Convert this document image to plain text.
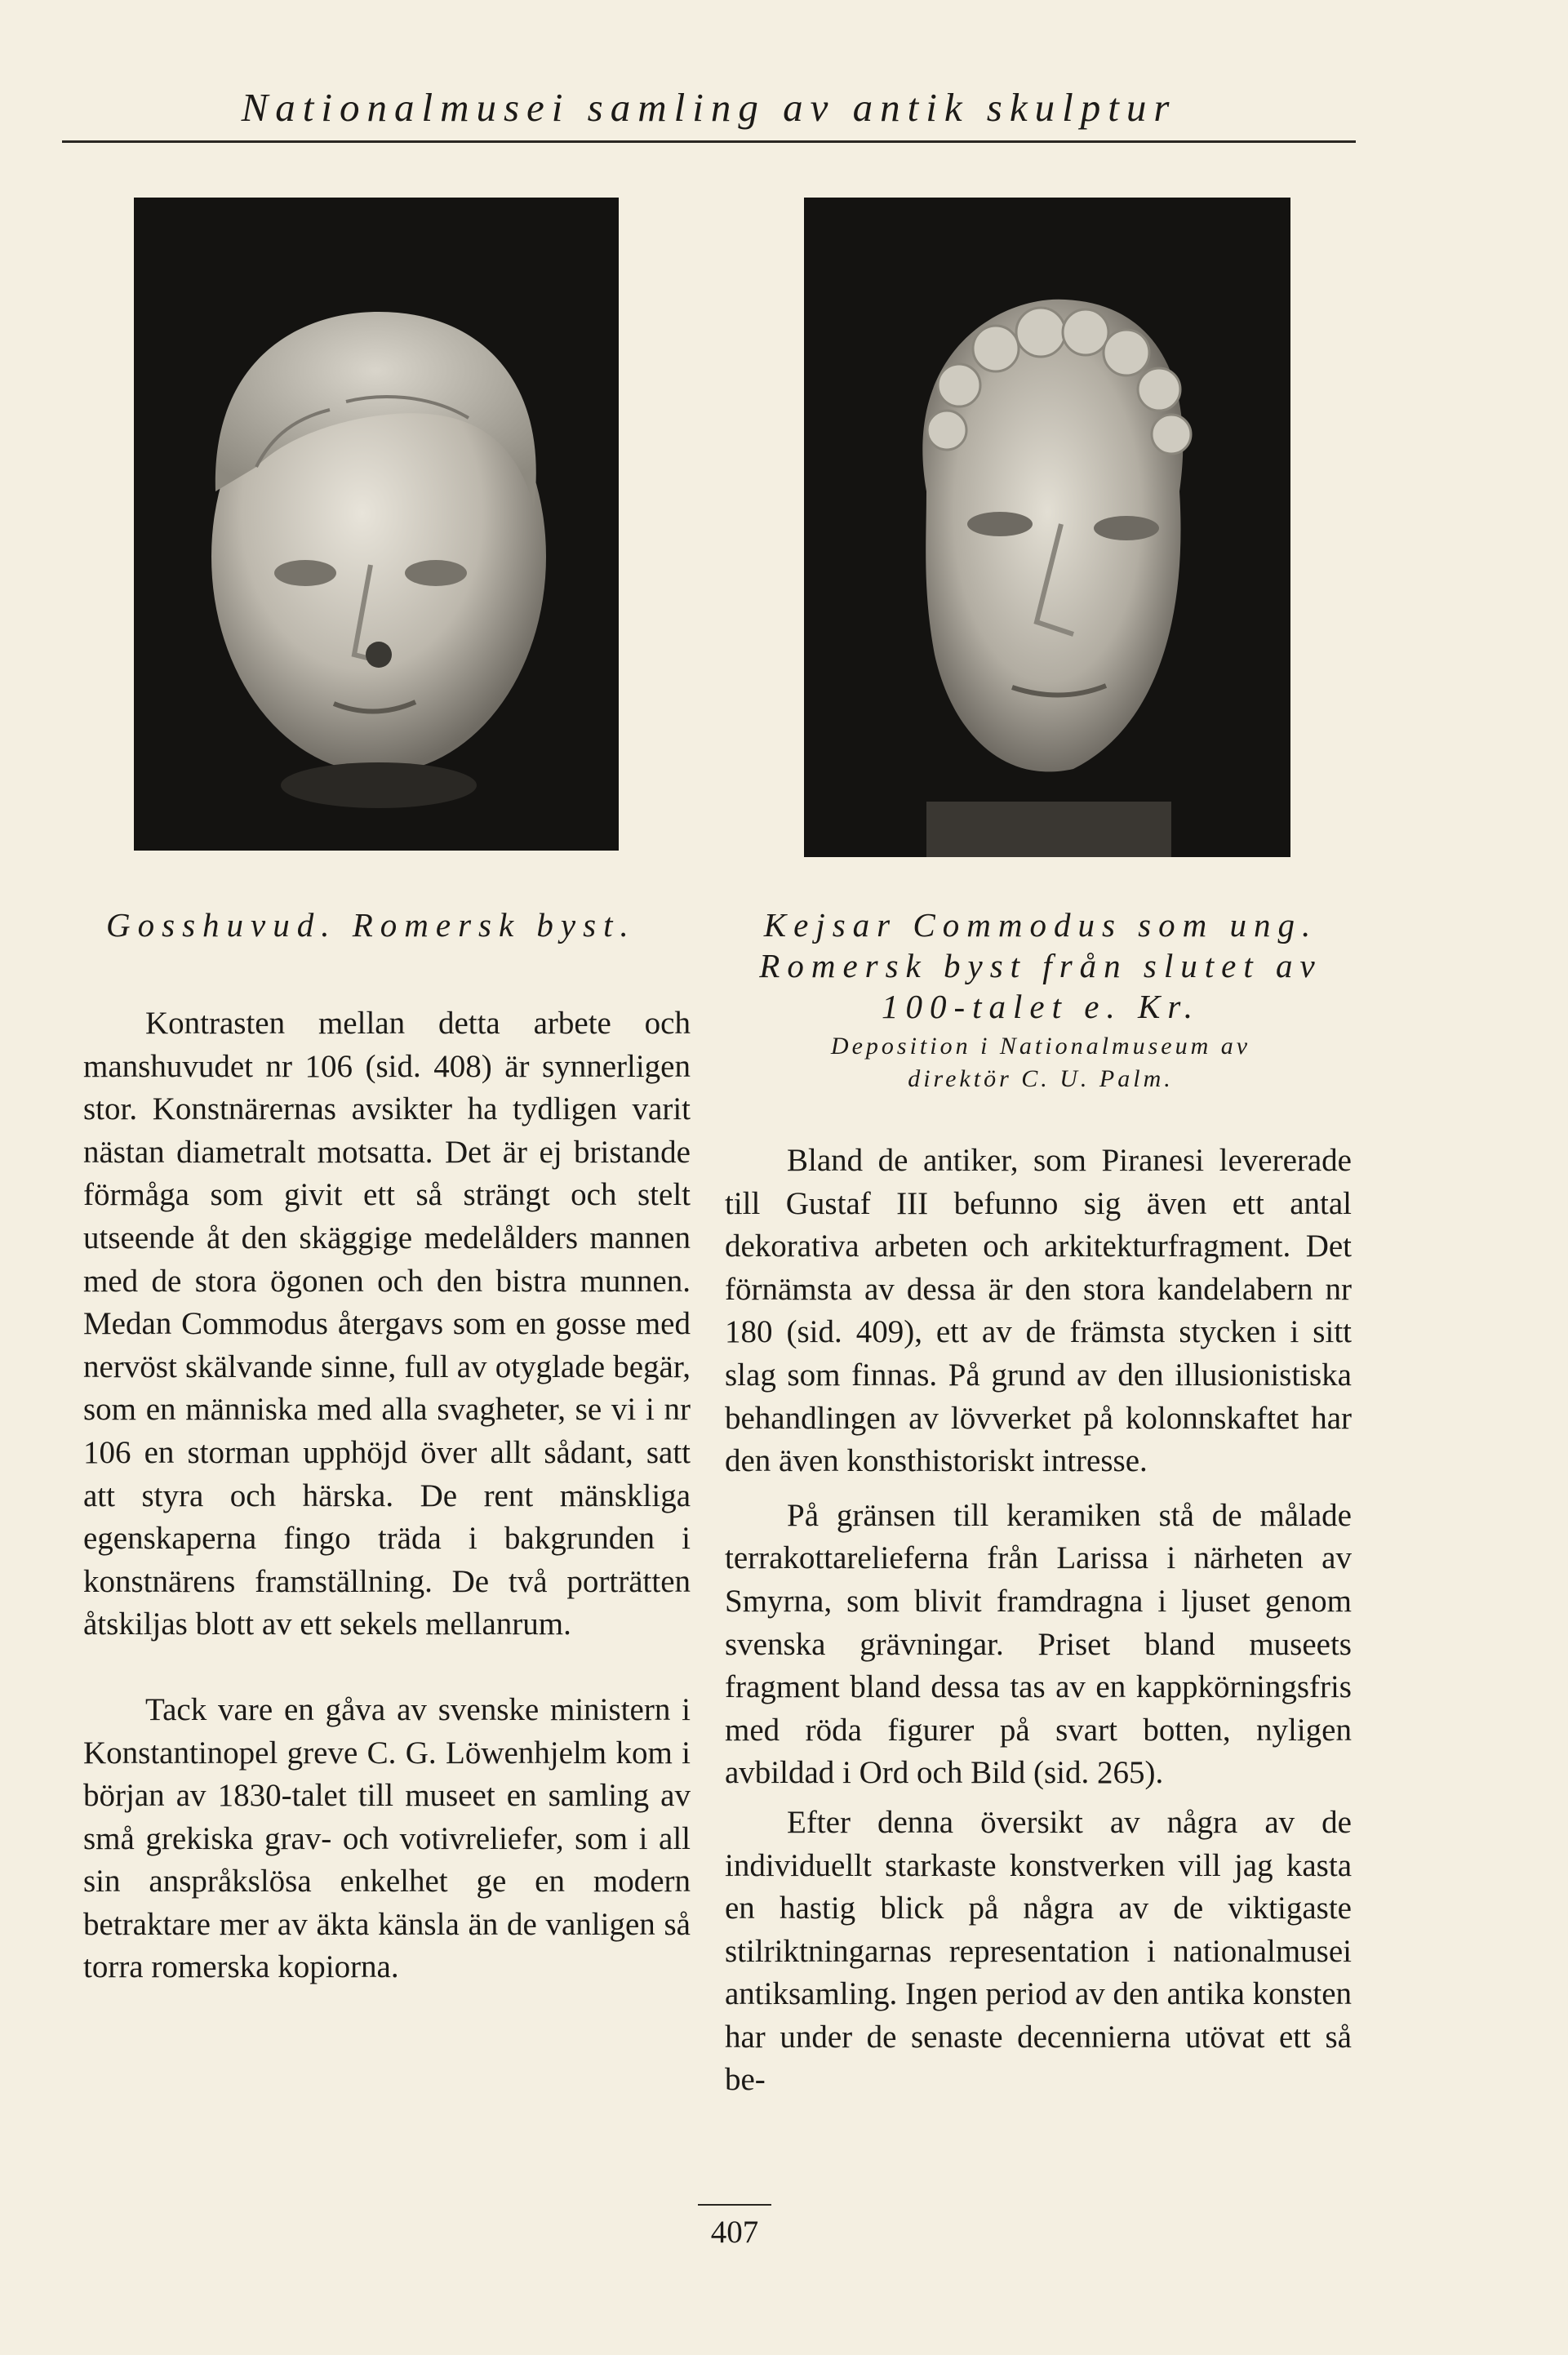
Nationalmusei samling av antik skulptur
Gosshuvud. Romersk byst.	Kejsar Commodus som ung.
Romersk byst från slutet av
100-talet e. Kr.
Deposition i Nationalmuseum av
direktör C. U. Palm.

Kontrasten mellan detta arbete och manshuvudet nr 106 (sid. 408) är synnerligen stor. Konstnärernas avsikter ha tydligen varit nästan diametralt motsatta. Det är ej bristande förmåga som givit ett så strängt och stelt utseende åt den skäggige medelålders mannen med de stora ögonen och den bistra munnen. Medan Commodus återgavs som en gosse med nervöst skälvande sinne, full av otyglade begär, som en människa med alla svagheter, se vi i nr 106 en storman upphöjd över allt sådant, satt att styra och härska. De rent mänskliga egenskaperna fingo träda i bakgrunden i konstnärens framställning. De två porträtten åtskiljas blott av ett sekels mellanrum.

Tack vare en gåva av svenske ministern i Konstantinopel greve C. G. Löwenhjelm kom i början av 1830-talet till museet en samling av små grekiska grav- och votivreliefer, som i all sin anspråkslösa enkelhet ge en modern betraktare mer av äkta känsla än de vanligen så torra romerska kopiorna.

Bland de antiker, som Piranesi levererade till Gustaf III befunno sig även ett antal dekorativa arbeten och arkitekturfragment. Det förnämsta av dessa är den stora kandelabern nr 180 (sid. 409), ett av de främsta stycken i sitt slag som finnas. På grund av den illusionistiska behandlingen av lövverket på kolonnskaftet har den även konsthistoriskt intresse.

På gränsen till keramiken stå de målade terrakottarelieferna från Larissa i närheten av Smyrna, som blivit framdragna i ljuset genom svenska grävningar. Priset bland museets fragment bland dessa tas av en kappkörningsfris med röda figurer på svart botten, nyligen avbildad i Ord och Bild (sid. 265).

Efter denna översikt av några av de individuellt starkaste konstverken vill jag kasta en hastig blick på några av de viktigaste stilriktningarnas representation i nationalmusei antiksamling. Ingen period av den antika konsten har under de senaste decennierna utövat ett så be-

407
